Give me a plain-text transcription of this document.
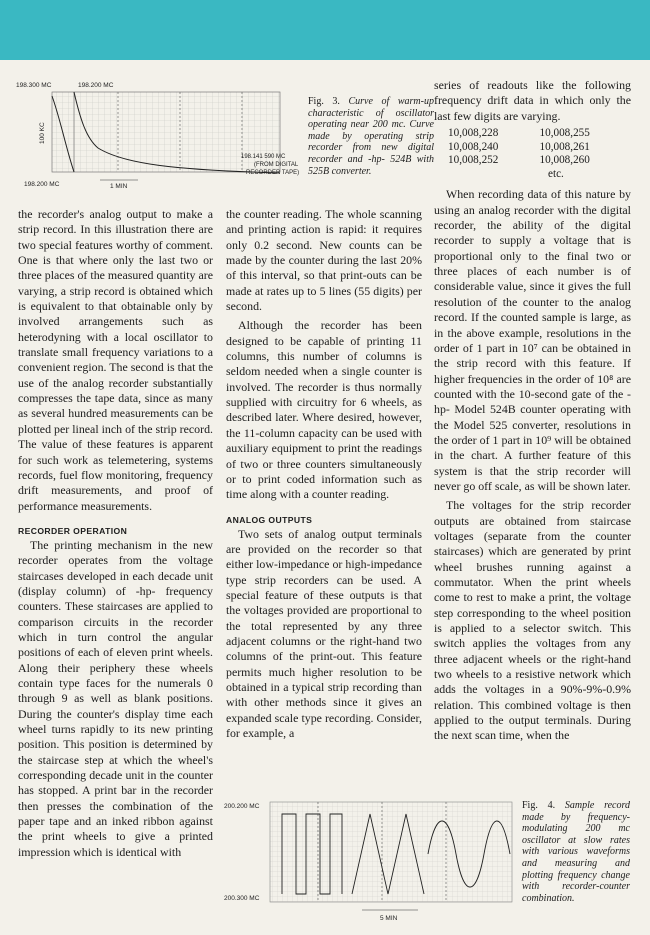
198.300 MC	198.200 MC
198.200 MC
100 KC
1 MIN
198.141 590 MC
(FROM DIGITAL
RECORDER TAPE)
Fig. 3. Curve of warm-up characteristic of oscillator operating near 200 mc. Curve made by operating strip recorder from new digital recorder and -hp- 524B with 525B converter.

the recorder's analog output to make a strip record. In this illustration there are two special features worthy of comment. One is that where only the last two or three places of the measured quantity are varying, a strip record is obtained which is equivalent to that obtainable only by involved arrangements such as heterodyning with a local oscillator to translate small frequency variations to a convenient region. The second is that the use of the analog recorder substantially compresses the tape data, since as many as several hundred measurements can be plotted per lineal inch of the strip record. The value of these features is apparent for such work as telemetering, systems records, fuel flow monitoring, frequency drift measurements, and proof of performance measurements.

RECORDER OPERATION

The printing mechanism in the new recorder operates from the voltage staircases developed in each decade unit (display column) of -hp- frequency counters. These staircases are applied to comparison circuits in the recorder which in turn control the angular positions of each of eleven print wheels. Along their periphery these wheels contain type faces for the numerals 0 through 9 as well as blank positions. During the counter's display time each wheel turns rapidly to its new printing position. This position is determined by the staircase step at which the wheel's corresponding decade unit in the counter has stopped. A print bar in the recorder then presses the combination of the paper tape and an inked ribbon against the print wheels to give a printed impression which is identical with

the counter reading. The whole scanning and printing action is rapid: it requires only 0.2 second. New counts can be made by the counter during the last 20% of this interval, so that print-outs can be made at rates up to 5 lines (55 digits) per second.

Although the recorder has been designed to be capable of printing 11 columns, this number of columns is seldom needed when a single counter is involved. The recorder is thus normally supplied with circuitry for 6 wheels, as described later. Where desired, however, the 11-column capacity can be used with auxiliary equipment to print the readings of two or three counters simultaneously or to print coded information such as time along with a counter reading.

ANALOG OUTPUTS

Two sets of analog output terminals are provided on the recorder so that either low-impedance or high-impedance type strip recorders can be used. A special feature of these outputs is that the voltages provided are proportional to the total represented by any three adjacent columns or the right-hand two columns of the print-out. This feature permits much higher resolution to be obtained in a typical strip recording than with other methods since it gives an expanded scale type recording. Consider, for example, a

series of readouts like the following frequency drift data in which only the last few digits are varying.

10,008,228	10,008,255
10,008,240	10,008,261
10,008,252	10,008,260
etc.

When recording data of this nature by using an analog recorder with the digital recorder, the ability of the digital recorder to supply a voltage that is proportional only to the final two or three places of each number is of considerable value, since it gives the full resolution of the counter to the analog record. If the counted sample is large, as in the above example, resolutions in the order of 1 part in 10⁷ can be obtained in the strip record with this feature. If higher frequencies in the order of 10⁸ are counted with the 10-second gate of the -hp- Model 524B counter operating with the Model 525 converter, resolutions in the order of 1 part in 10⁹ will be obtained in the chart. A further feature of this system is that the strip recorder will never go off scale, as will be shown later.

The voltages for the strip recorder outputs are obtained from staircase voltages (separate from the counter staircases) which are generated by print wheel brushes running against a commutator. When the print wheels come to rest to make a print, the voltage step corresponding to the wheel position is applied to a selector switch. This switch applies the voltages from any three adjacent wheels or the right-hand two wheels to a resistive network which adds the voltages in a 90%-9%-0.9% relation. This combined voltage is then applied to the output terminals. During the next scan time, when the

200.200 MC
200.300 MC
5 MIN
Fig. 4. Sample record made by frequency-modulating 200 mc oscillator at slow rates with various waveforms and measuring and plotting frequency change with recorder-counter combination.
